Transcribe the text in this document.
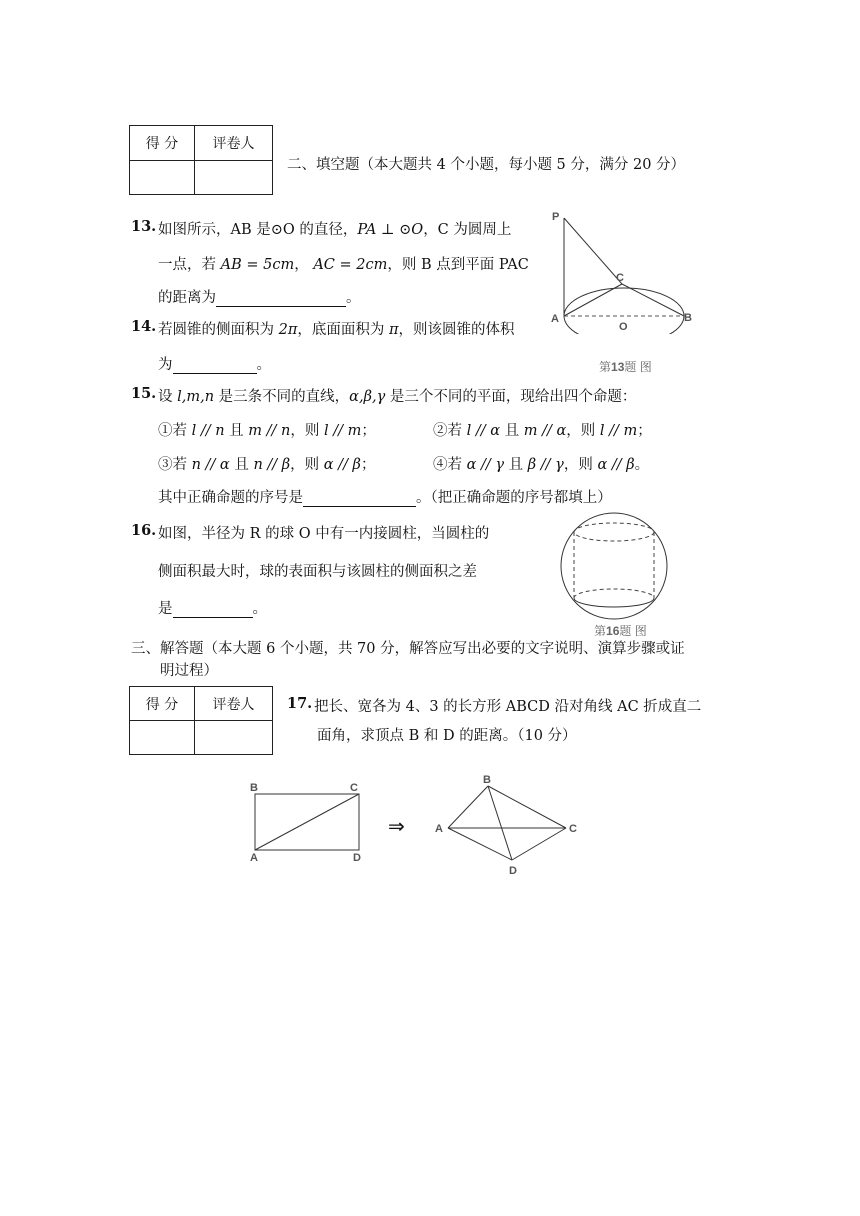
得 分	评卷人

二、填空题（本大题共 4 个小题，每小题 5 分，满分 20 分）
13. 如图所示，AB 是⊙O 的直径，PA ⊥ ⊙O，C 为圆周上
一点，若 AB = 5cm， AC = 2cm，则 B 点到平面 PAC
的距离为	。
P
C
A
O
B
第13题 图
14. 若圆锥的侧面积为 2π，底面面积为 π，则该圆锥的体积
为	。
15. 设 l,m,n 是三条不同的直线，α,β,γ 是三个不同的平面，现给出四个命题：
①若 l // n 且 m // n，则 l // m；	②若 l // α 且 m // α，则 l // m；
③若 n // α 且 n // β，则 α // β；	④若 α // γ 且 β // γ，则 α // β。
其中正确命题的序号是	。（把正确命题的序号都填上）
16. 如图，半径为 R 的球 O 中有一内接圆柱，当圆柱的
侧面积最大时，球的表面积与该圆柱的侧面积之差
是	。
第16题 图
三、解答题（本大题 6 个小题，共 70 分，解答应写出必要的文字说明、演算步骤或证
明过程）
得 分	评卷人
	17. 把长、宽各为 4、3 的长方形 ABCD 沿对角线 AC 折成直二
面角，求顶点 B 和 D 的距离。（10 分）
B	C
A	D
⇒
B
A	C
D
